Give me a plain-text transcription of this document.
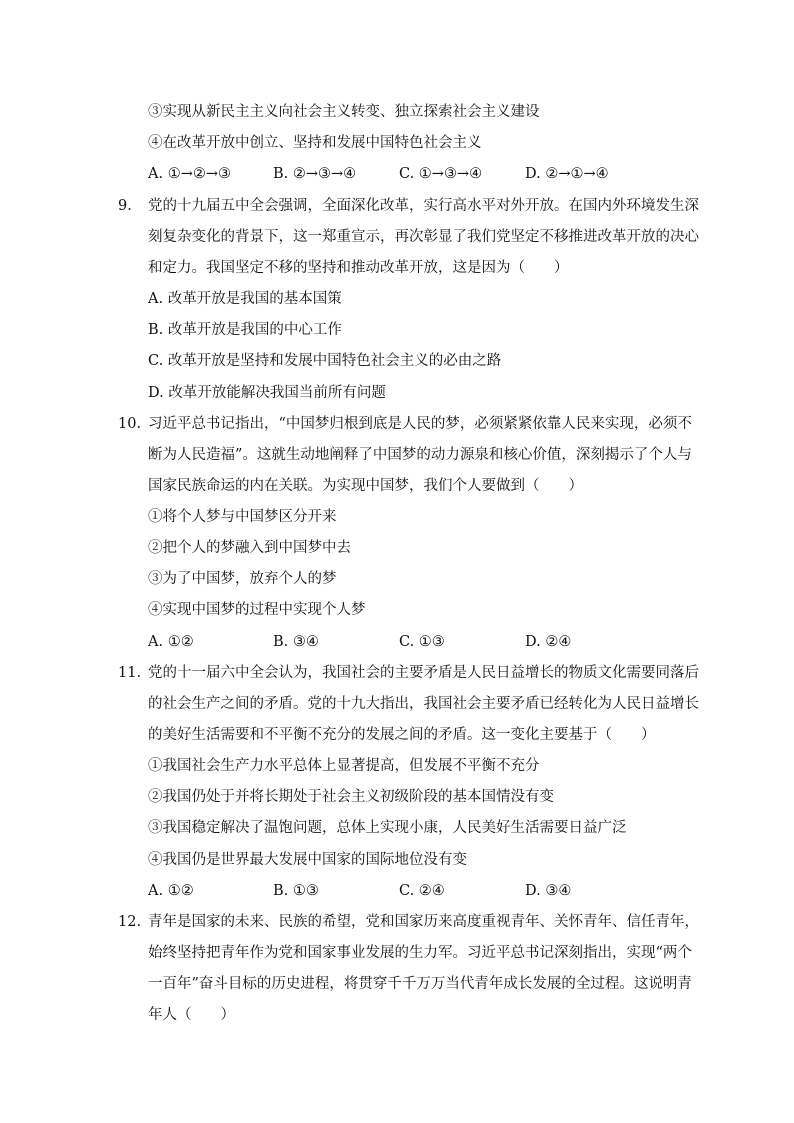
③实现从新民主主义向社会主义转变、独立探索社会主义建设
④在改革开放中创立、坚持和发展中国特色社会主义
A. ①→②→③	B. ②→③→④	C. ①→③→④	D. ②→①→④
9. 党的十九届五中全会强调，全面深化改革，实行高水平对外开放。在国内外环境发生深
刻复杂变化的背景下，这一郑重宣示，再次彰显了我们党坚定不移推进改革开放的决心
和定力。我国坚定不移的坚持和推动改革开放，这是因为（　　）
A. 改革开放是我国的基本国策
B. 改革开放是我国的中心工作
C. 改革开放是坚持和发展中国特色社会主义的必由之路
D. 改革开放能解决我国当前所有问题
10. 习近平总书记指出，“中国梦归根到底是人民的梦，必须紧紧依靠人民来实现，必须不
断为人民造福”。这就生动地阐释了中国梦的动力源泉和核心价值，深刻揭示了个人与
国家民族命运的内在关联。为实现中国梦，我们个人要做到（　　）
①将个人梦与中国梦区分开来
②把个人的梦融入到中国梦中去
③为了中国梦，放弃个人的梦
④实现中国梦的过程中实现个人梦
A. ①②	B. ③④	C. ①③	D. ②④
11. 党的十一届六中全会认为，我国社会的主要矛盾是人民日益增长的物质文化需要同落后
的社会生产之间的矛盾。党的十九大指出，我国社会主要矛盾已经转化为人民日益增长
的美好生活需要和不平衡不充分的发展之间的矛盾。这一变化主要基于（　　）
①我国社会生产力水平总体上显著提高，但发展不平衡不充分
②我国仍处于并将长期处于社会主义初级阶段的基本国情没有变
③我国稳定解决了温饱问题，总体上实现小康，人民美好生活需要日益广泛
④我国仍是世界最大发展中国家的国际地位没有变
A. ①②	B. ①③	C. ②④	D. ③④
12. 青年是国家的未来、民族的希望，党和国家历来高度重视青年、关怀青年、信任青年，
始终坚持把青年作为党和国家事业发展的生力军。习近平总书记深刻指出，实现“两个
一百年”奋斗目标的历史进程，将贯穿千千万万当代青年成长发展的全过程。这说明青
年人（　　）
